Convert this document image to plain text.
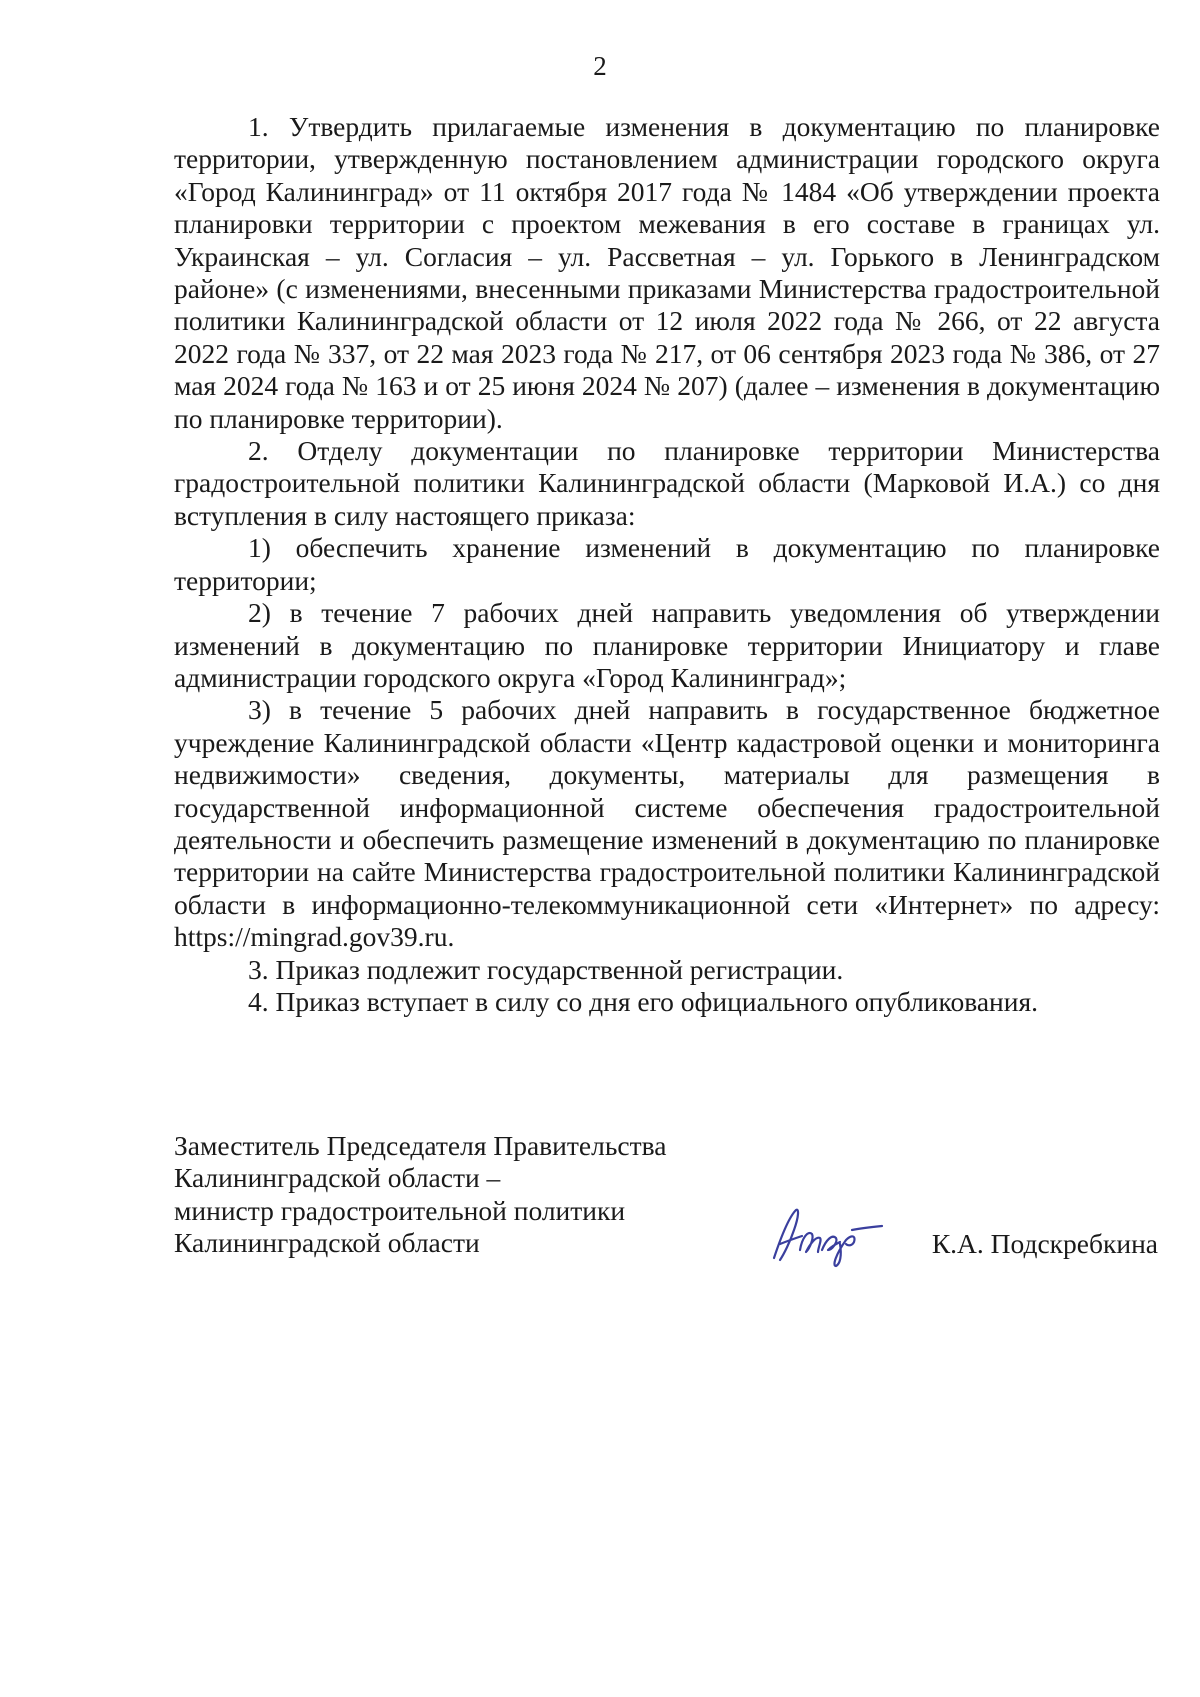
2

1. Утвердить прилагаемые изменения в документацию по планировке территории, утвержденную постановлением администрации городского округа «Город Калининград» от 11 октября 2017 года № 1484 «Об утверждении проекта планировки территории с проектом межевания в его составе в границах ул. Украинская – ул. Согласия – ул. Рассветная – ул. Горького в Ленинградском районе» (с изменениями, внесенными приказами Министерства градостроительной политики Калининградской области от 12 июля 2022 года № 266, от 22 августа 2022 года № 337, от 22 мая 2023 года № 217, от 06 сентября 2023 года № 386, от 27 мая 2024 года № 163 и от 25 июня 2024 № 207) (далее – изменения в документацию по планировке территории).

2. Отделу документации по планировке территории Министерства градостроительной политики Калининградской области (Марковой И.А.) со дня вступления в силу настоящего приказа:

1) обеспечить хранение изменений в документацию по планировке территории;

2) в течение 7 рабочих дней направить уведомления об утверждении изменений в документацию по планировке территории Инициатору и главе администрации городского округа «Город Калининград»;

3) в течение 5 рабочих дней направить в государственное бюджетное учреждение Калининградской области «Центр кадастровой оценки и мониторинга недвижимости» сведения, документы, материалы для размещения в государственной информационной системе обеспечения градостроительной деятельности и обеспечить размещение изменений в документацию по планировке территории на сайте Министерства градостроительной политики Калининградской области в информационно-телекоммуникационной сети «Интернет» по адресу: https://mingrad.gov39.ru.

3. Приказ подлежит государственной регистрации.

4. Приказ вступает в силу со дня его официального опубликования.

Заместитель Председателя Правительства
Калининградской области –
министр градостроительной политики
Калининградской области	К.А. Подскребкина
